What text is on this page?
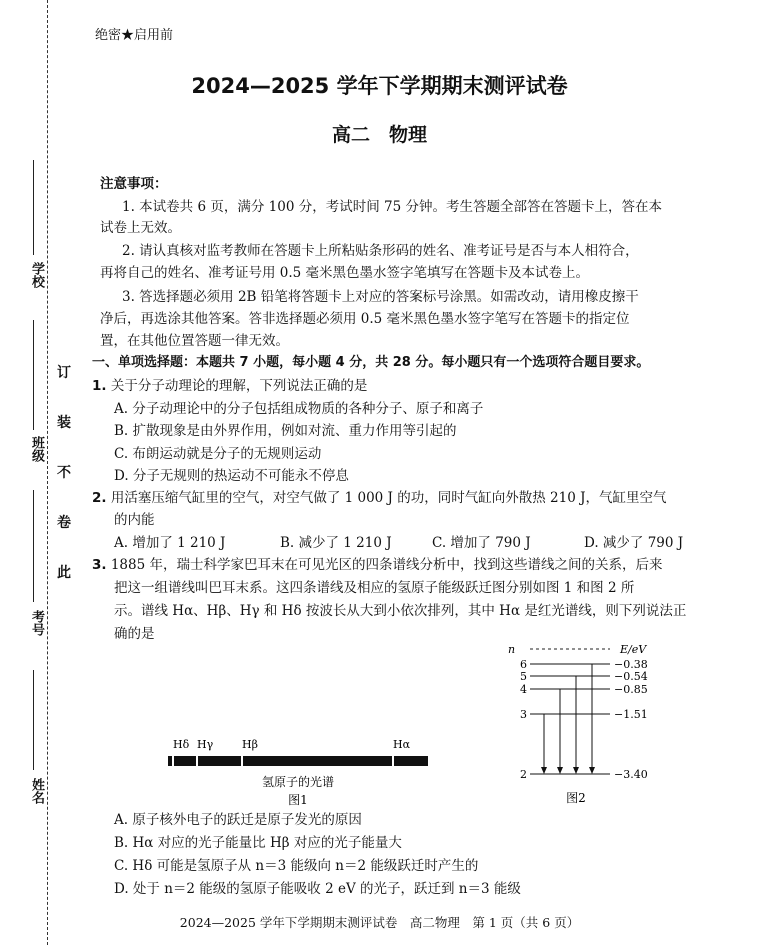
学校
班级
考号
姓名
订
装
不
卷
此
绝密★启用前
2024—2025 学年下学期期末测评试卷
高二　物理
注意事项：
1. 本试卷共 6 页，满分 100 分，考试时间 75 分钟。考生答题全部答在答题卡上，答在本
试卷上无效。
2. 请认真核对监考教师在答题卡上所粘贴条形码的姓名、准考证号是否与本人相符合，
再将自己的姓名、准考证号用 0.5 毫米黑色墨水签字笔填写在答题卡及本试卷上。
3. 答选择题必须用 2B 铅笔将答题卡上对应的答案标号涂黑。如需改动，请用橡皮擦干
净后，再选涂其他答案。答非选择题必须用 0.5 毫米黑色墨水签字笔写在答题卡的指定位
置，在其他位置答题一律无效。
一、单项选择题：本题共 7 小题，每小题 4 分，共 28 分。每小题只有一个选项符合题目要求。
1. 关于分子动理论的理解，下列说法正确的是
A. 分子动理论中的分子包括组成物质的各种分子、原子和离子
B. 扩散现象是由外界作用，例如对流、重力作用等引起的
C. 布朗运动就是分子的无规则运动
D. 分子无规则的热运动不可能永不停息
2. 用活塞压缩气缸里的空气，对空气做了 1 000 J 的功，同时气缸向外散热 210 J，气缸里空气
的内能
A. 增加了 1 210 J	B. 减少了 1 210 J	C. 增加了 790 J	D. 减少了 790 J
3. 1885 年，瑞士科学家巴耳末在可见光区的四条谱线分析中，找到这些谱线之间的关系，后来
把这一组谱线叫巴耳末系。这四条谱线及相应的氢原子能级跃迁图分别如图 1 和图 2 所
示。谱线 Hα、Hβ、Hγ 和 Hδ 按波长从大到小依次排列，其中 Hα 是红光谱线，则下列说法正
确的是
Hδ Hγ	Hβ	Hα
氢原子的光谱
图1
n	E/eV
6	−0.38
5	−0.54
4	−0.85
3	−1.51
2	−3.40
图2
A. 原子核外电子的跃迁是原子发光的原因
B. Hα 对应的光子能量比 Hβ 对应的光子能量大
C. Hδ 可能是氢原子从 n＝3 能级向 n＝2 能级跃迁时产生的
D. 处于 n＝2 能级的氢原子能吸收 2 eV 的光子，跃迁到 n＝3 能级
2024—2025 学年下学期期末测评试卷　高二物理　第 1 页（共 6 页）
